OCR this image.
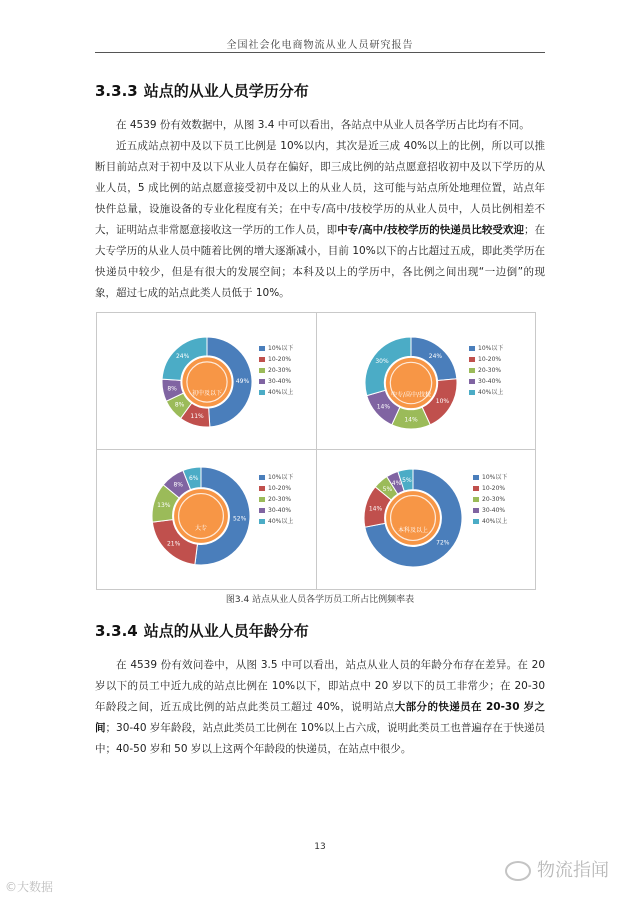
全国社会化电商物流从业人员研究报告
3.3.3 站点的从业人员学历分布
在 4539 份有效数据中，从图 3.4 中可以看出，各站点中从业人员各学历占比均有不同。
近五成站点初中及以下员工比例是 10%以内，其次是近三成 40%以上的比例，所以可以推断目前站点对于初中及以下从业人员存在偏好，即三成比例的站点愿意招收初中及以下学历的从业人员，5 成比例的站点愿意接受初中及以上的从业人员，这可能与站点所处地理位置，站点年快件总量，设施设备的专业化程度有关；在中专/高中/技校学历的从业人员中，人员比例相差不大，证明站点非常愿意接收这一学历的工作人员，即中专/高中/技校学历的快递员比较受欢迎；在大专学历的从业人员中随着比例的增大逐渐减小，目前 10%以下的占比超过五成，即此类学历在快递员中较少，但是有很大的发展空间；本科及以上的学历中，各比例之间出现“一边倒”的现象，超过七成的站点此类人员低于 10%。
49%
11%
8%
8%
24%
初中及以下
10%以下
10-20%
20-30%
30-40%
40%以上
24%
10%
14%
14%
30%
中专/高中/技校
10%以下
10-20%
20-30%
30-40%
40%以上
52%
21%
13%
8%
6%
大专
10%以下
10-20%
20-30%
30-40%
40%以上
72%
14%
5%
4% 5%
本科及以上
10%以下
10-20%
20-30%
30-40%
40%以上
图3.4 站点从业人员各学历员工所占比例频率表
3.3.4 站点的从业人员年龄分布
在 4539 份有效问卷中，从图 3.5 中可以看出，站点从业人员的年龄分布存在差异。在 20 岁以下的员工中近九成的站点比例在 10%以下，即站点中 20 岁以下的员工非常少；在 20-30 年龄段之间，近五成比例的站点此类员工超过 40%，说明站点大部分的快递员在 20-30 岁之间；30-40 岁年龄段，站点此类员工比例在 10%以上占六成，说明此类员工也普遍存在于快递员中；40-50 岁和 50 岁以上这两个年龄段的快递员，在站点中很少。
13
©大数据
物流指闻
